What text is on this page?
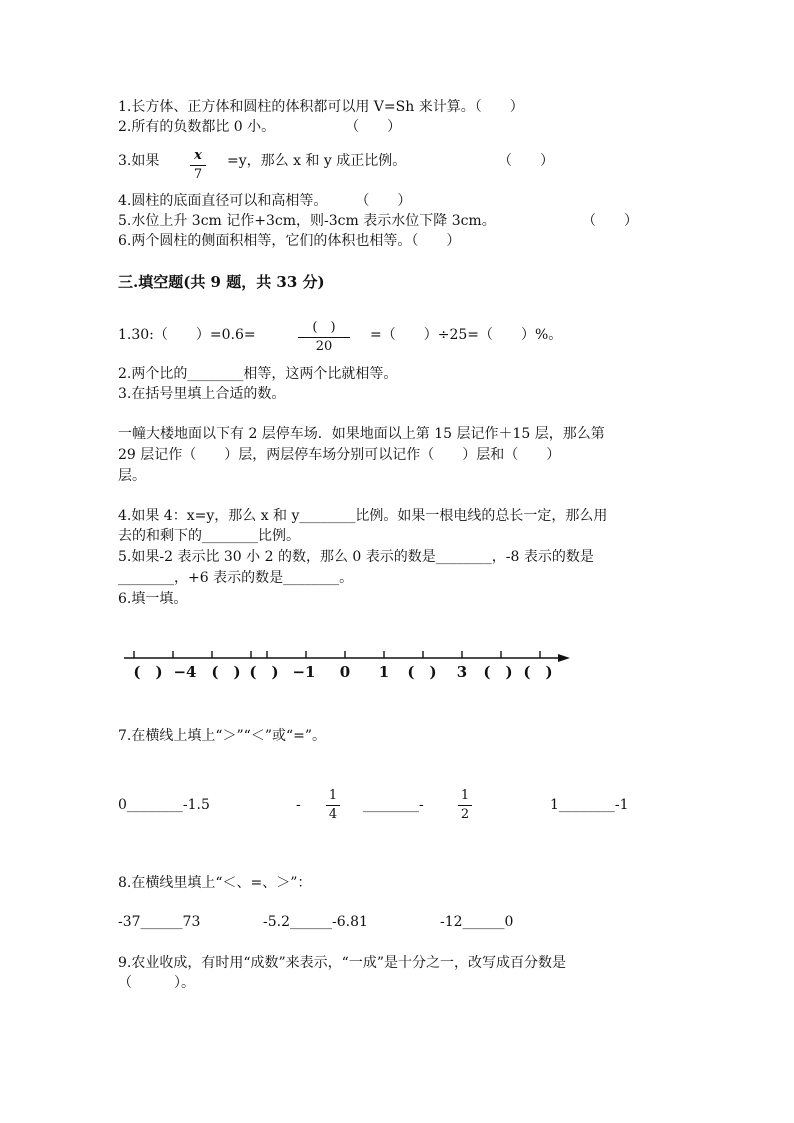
1.长方体、正方体和圆柱的体积都可以用 V=Sh 来计算。（　　）
2.所有的负数都比 0 小。　　　　　　（　　）
3.如果	x
7
=y，那么 x 和 y 成正比例。	（　　）
4.圆柱的底面直径可以和高相等。　　　（　　）
5.水位上升 3cm 记作+3cm，则-3cm 表示水位下降 3cm。	（　　）
6.两个圆柱的侧面积相等，它们的体积也相等。（　　）
三.填空题(共 9 题，共 33 分)
1.30:（　　）=0.6=	(　)
20
=（　　）÷25=（　　）%。
2.两个比的________相等，这两个比就相等。
3.在括号里填上合适的数。
一幢大楼地面以下有 2 层停车场．如果地面以上第 15 层记作＋15 层，那么第
29 层记作（　　）层，两层停车场分别可以记作（　　）层和（　　）
层。
4.如果 4：x=y，那么 x 和 y________比例。如果一根电线的总长一定，那么用
去的和剩下的________比例。
5.如果-2 表示比 30 小 2 的数，那么 0 表示的数是________，-8 表示的数是
________，+6 表示的数是________。
6.填一填。
(　) −4 (　) (　) −1 0 1 (　) 3 (　) (　)
7.在横线上填上“＞”“＜”或“=”。
0________-1.5	-
1
4
________-
1
2
1________-1
8.在横线里填上“＜、=、＞”：
-37______73	-5.2______-6.81	-12______0
9.农业收成，有时用“成数”来表示，“一成”是十分之一，改写成百分数是
（　　　）。
